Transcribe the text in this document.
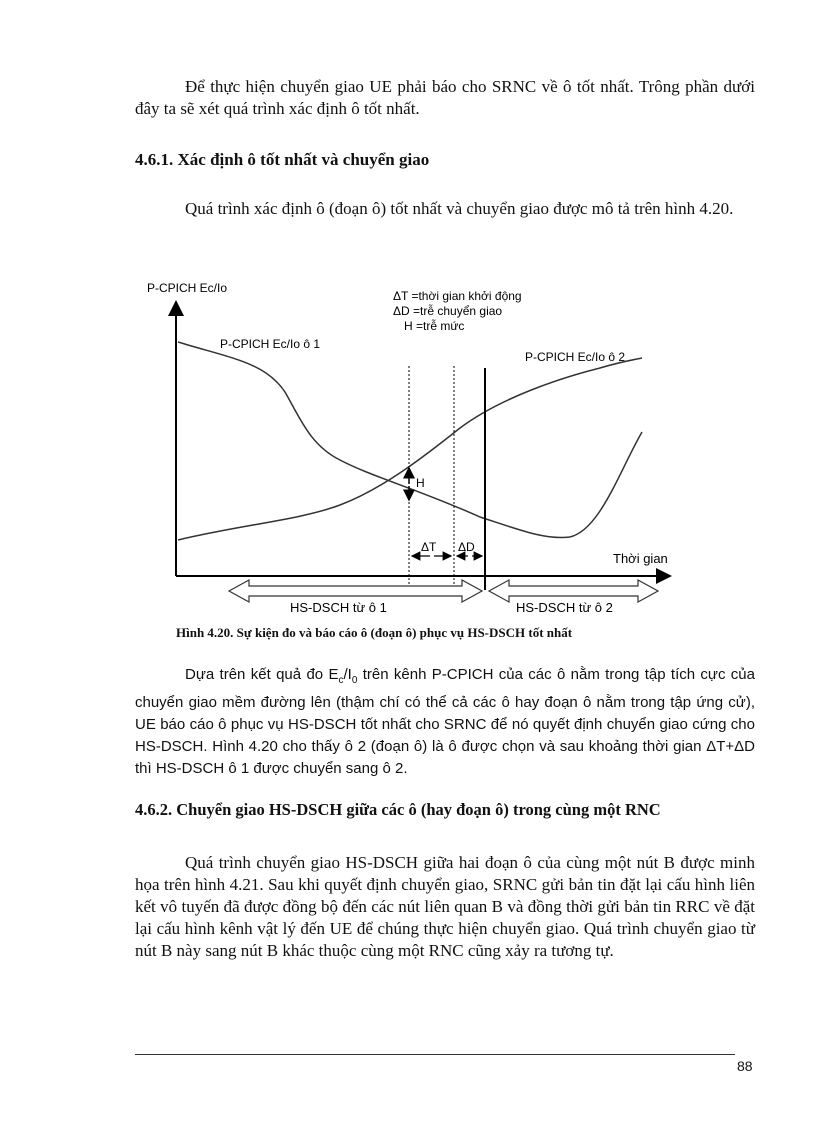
Để thực hiện chuyển giao UE phải báo cho SRNC về ô tốt nhất. Trông phần dưới đây ta sẽ xét quá trình xác định ô tốt nhất.
4.6.1. Xác định ô tốt nhất và chuyển giao
Quá trình xác định ô (đoạn ô) tốt nhất và chuyển giao được mô tả trên hình 4.20.
P-CPICH Ec/Io
Thời gian
P-CPICH Ec/Io ô 1
P-CPICH Ec/Io ô 2
ΔT =thời gian khởi động
ΔD =trễ chuyển giao
H =trễ mức
H
ΔT ΔD
HS-DSCH từ ô 1	HS-DSCH từ ô 2
Hình 4.20. Sự kiện đo và báo cáo ô (đoạn ô) phục vụ HS-DSCH tốt nhất
Dựa trên kết quả đo $E_c/I_0$ trên kênh P-CPICH của các ô nằm trong tập tích cực của chuyển giao mềm đường lên (thậm chí có thể cả các ô hay đoạn ô nằm trong tập ứng cử), UE báo cáo ô phục vụ HS-DSCH tốt nhất cho SRNC để nó quyết định chuyển giao cứng cho HS-DSCH. Hình 4.20 cho thấy ô 2 (đoạn ô) là ô được chọn và sau khoảng thời gian ΔT+ΔD thì HS-DSCH ô 1 được chuyển sang ô 2.
4.6.2. Chuyển giao HS-DSCH giữa các ô (hay đoạn ô) trong cùng một RNC
Quá trình chuyển giao HS-DSCH giữa hai đoạn ô của cùng một nút B được minh họa trên hình 4.21. Sau khi quyết định chuyển giao, SRNC gửi bản tin đặt lại cấu hình liên kết vô tuyến đã được đồng bộ đến các nút liên quan B và đồng thời gửi bản tin RRC về đặt lại cấu hình kênh vật lý đến UE để chúng thực hiện chuyển giao. Quá trình chuyển giao từ nút B này sang nút B khác thuộc cùng một RNC cũng xảy ra tương tự.
88
